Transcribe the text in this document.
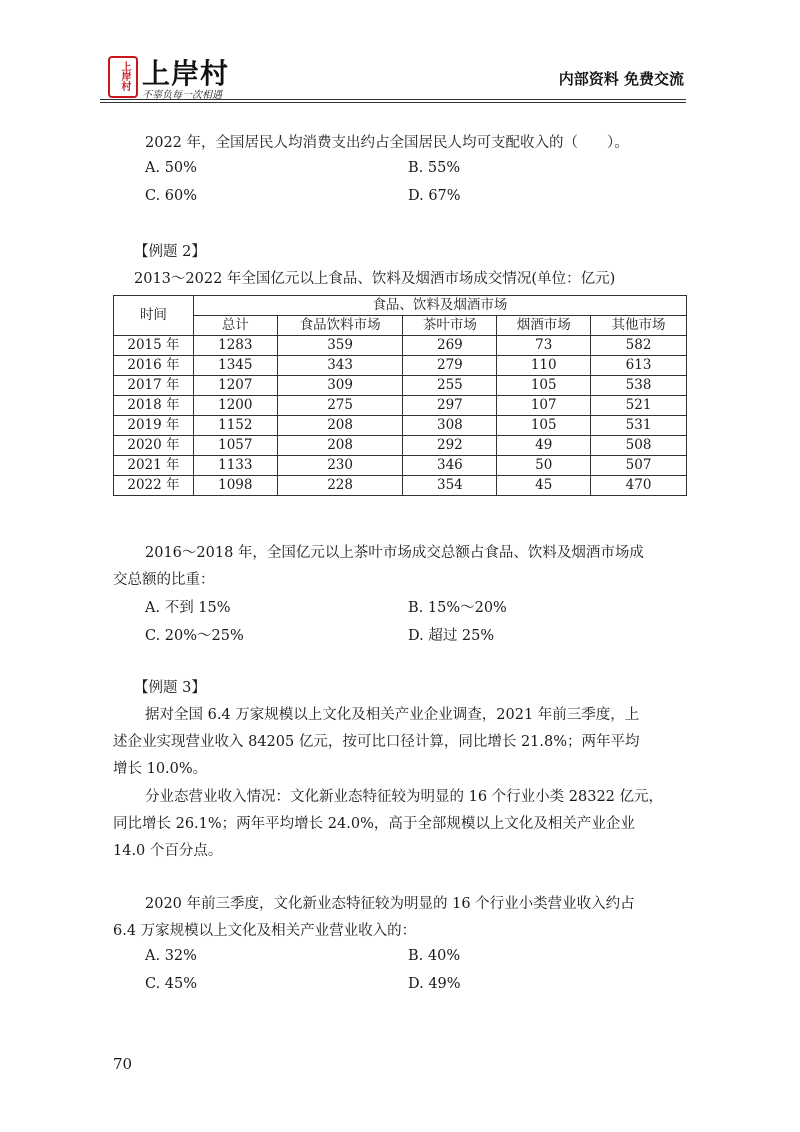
上岸村 上岸村
不辜负每一次相遇
内部资料 免费交流
2022 年，全国居民人均消费支出约占全国居民人均可支配收入的（　　）。
A. 50%	B. 55%
C. 60%	D. 67%
【例题 2】
2013～2022 年全国亿元以上食品、饮料及烟酒市场成交情况(单位：亿元)
时间	食品、饮料及烟酒市场				
	总计	食品饮料市场	茶叶市场	烟酒市场	其他市场
2015 年	1283	359	269	73	582
2016 年	1345	343	279	110	613
2017 年	1207	309	255	105	538
2018 年	1200	275	297	107	521
2019 年	1152	208	308	105	531
2020 年	1057	208	292	49	508
2021 年	1133	230	346	50	507
2022 年	1098	228	354	45	470
2016～2018 年，全国亿元以上茶叶市场成交总额占食品、饮料及烟酒市场成
交总额的比重：
A. 不到 15%	B. 15%～20%
C. 20%～25%	D. 超过 25%
【例题 3】
据对全国 6.4 万家规模以上文化及相关产业企业调查，2021 年前三季度，上
述企业实现营业收入 84205 亿元，按可比口径计算，同比增长 21.8%；两年平均
增长 10.0%。
分业态营业收入情况：文化新业态特征较为明显的 16 个行业小类 28322 亿元，
同比增长 26.1%；两年平均增长 24.0%，高于全部规模以上文化及相关产业企业
14.0 个百分点。
2020 年前三季度，文化新业态特征较为明显的 16 个行业小类营业收入约占
6.4 万家规模以上文化及相关产业营业收入的：
A. 32%	B. 40%
C. 45%	D. 49%
70
